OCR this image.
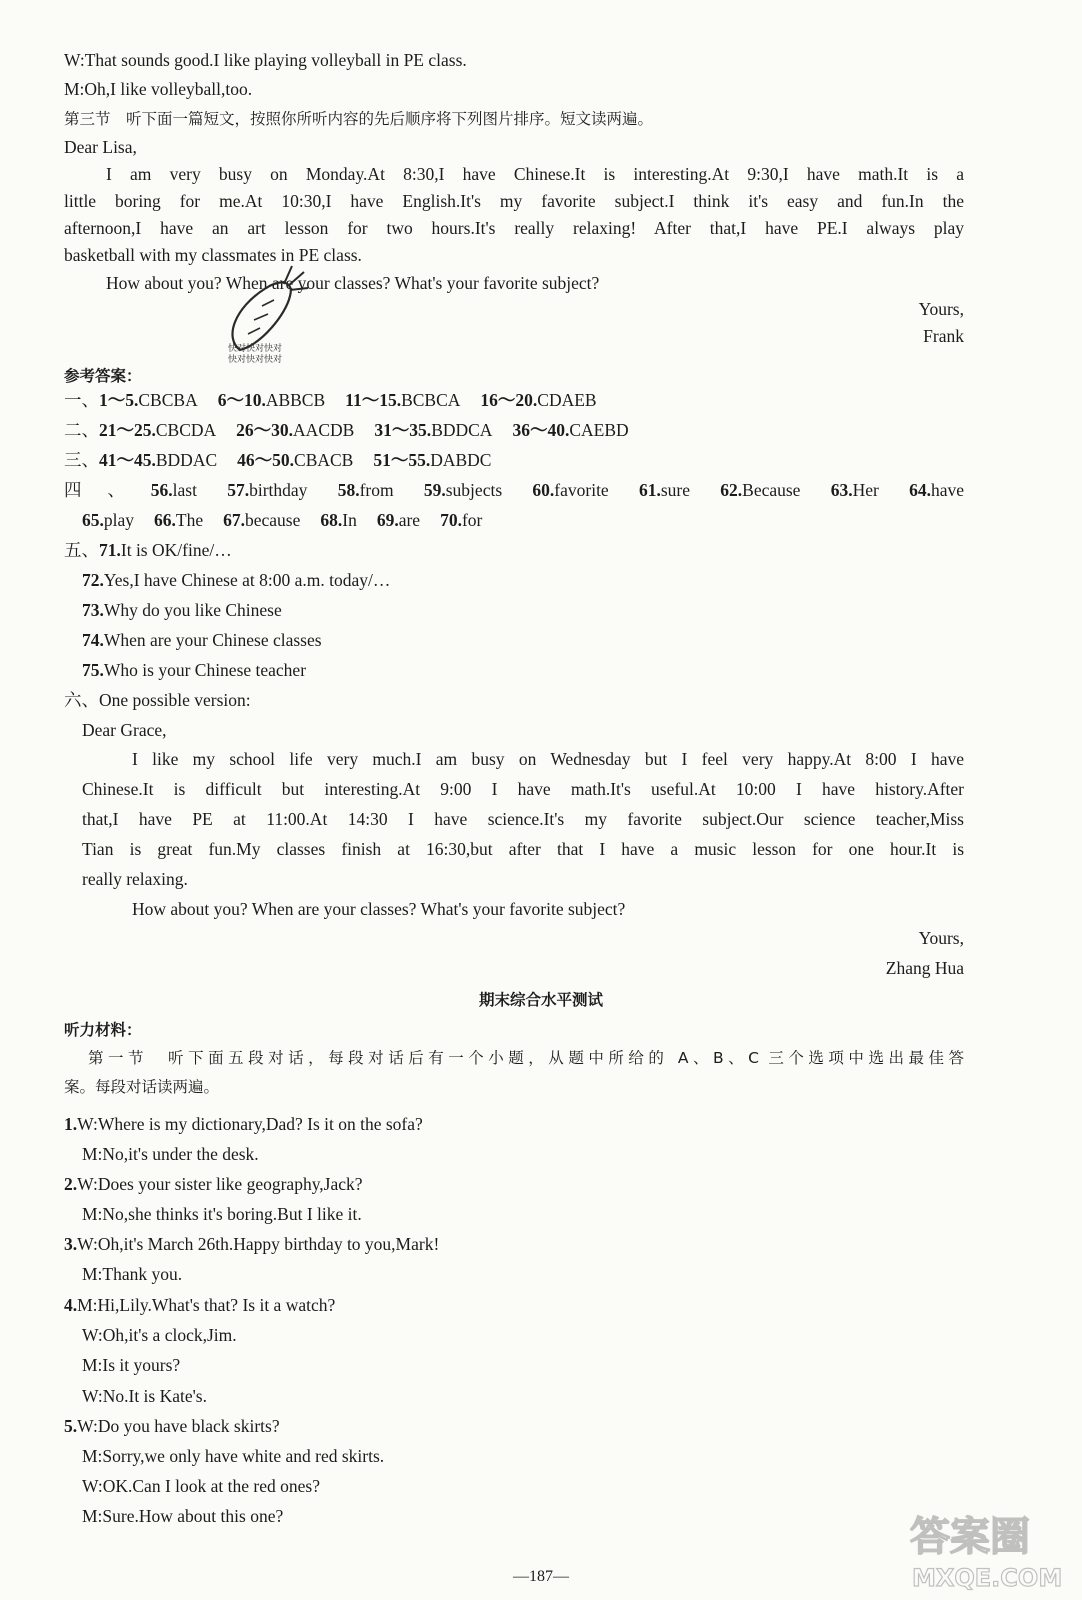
W:That sounds good.I like playing volleyball in PE class.
M:Oh,I like volleyball,too.
第三节　听下面一篇短文，按照你所听内容的先后顺序将下列图片排序。短文读两遍。
Dear Lisa,
I am very busy on Monday.At 8:30,I have Chinese.It is interesting.At 9:30,I have math.It is a
little boring for me.At 10:30,I have English.It's my favorite subject.I think it's easy and fun.In the
afternoon,I have an art lesson for two hours.It's really relaxing! After that,I have PE.I always play
basketball with my classmates in PE class.
How about you? When are your classes? What's your favorite subject?
Yours,
Frank
快对快对快对
快对快对快对
参考答案：
一、1～5.CBCBA 6～10.ABBCB 11～15.BCBCA 16～20.CDAEB
二、21～25.CBCDA 26～30.AACDB 31～35.BDDCA 36～40.CAEBD
三、41～45.BDDAC 46～50.CBACB 51～55.DABDC
四、56.last 57.birthday 58.from 59.subjects 60.favorite 61.sure 62.Because 63.Her 64.have
65.play 66.The 67.because 68.In 69.are 70.for
五、71.It is OK/fine/…
72.Yes,I have Chinese at 8:00 a.m. today/…
73.Why do you like Chinese
74.When are your Chinese classes
75.Who is your Chinese teacher
六、One possible version:
Dear Grace,
I like my school life very much.I am busy on Wednesday but I feel very happy.At 8:00 I have
Chinese.It is difficult but interesting.At 9:00 I have math.It's useful.At 10:00 I have history.After
that,I have PE at 11:00.At 14:30 I have science.It's my favorite subject.Our science teacher,Miss
Tian is great fun.My classes finish at 16:30,but after that I have a music lesson for one hour.It is
really relaxing.
How about you? When are your classes? What's your favorite subject?
Yours,
Zhang Hua
期末综合水平测试
听力材料：
第一节　听下面五段对话，每段对话后有一个小题，从题中所给的 A、B、C 三个选项中选出最佳答
案。每段对话读两遍。
1.W:Where is my dictionary,Dad? Is it on the sofa?
M:No,it's under the desk.
2.W:Does your sister like geography,Jack?
M:No,she thinks it's boring.But I like it.
3.W:Oh,it's March 26th.Happy birthday to you,Mark!
M:Thank you.
4.M:Hi,Lily.What's that? Is it a watch?
W:Oh,it's a clock,Jim.
M:Is it yours?
W:No.It is Kate's.
5.W:Do you have black skirts?
M:Sorry,we only have white and red skirts.
W:OK.Can I look at the red ones?
M:Sure.How about this one?	答案圈
MXQE.COM
—187—
